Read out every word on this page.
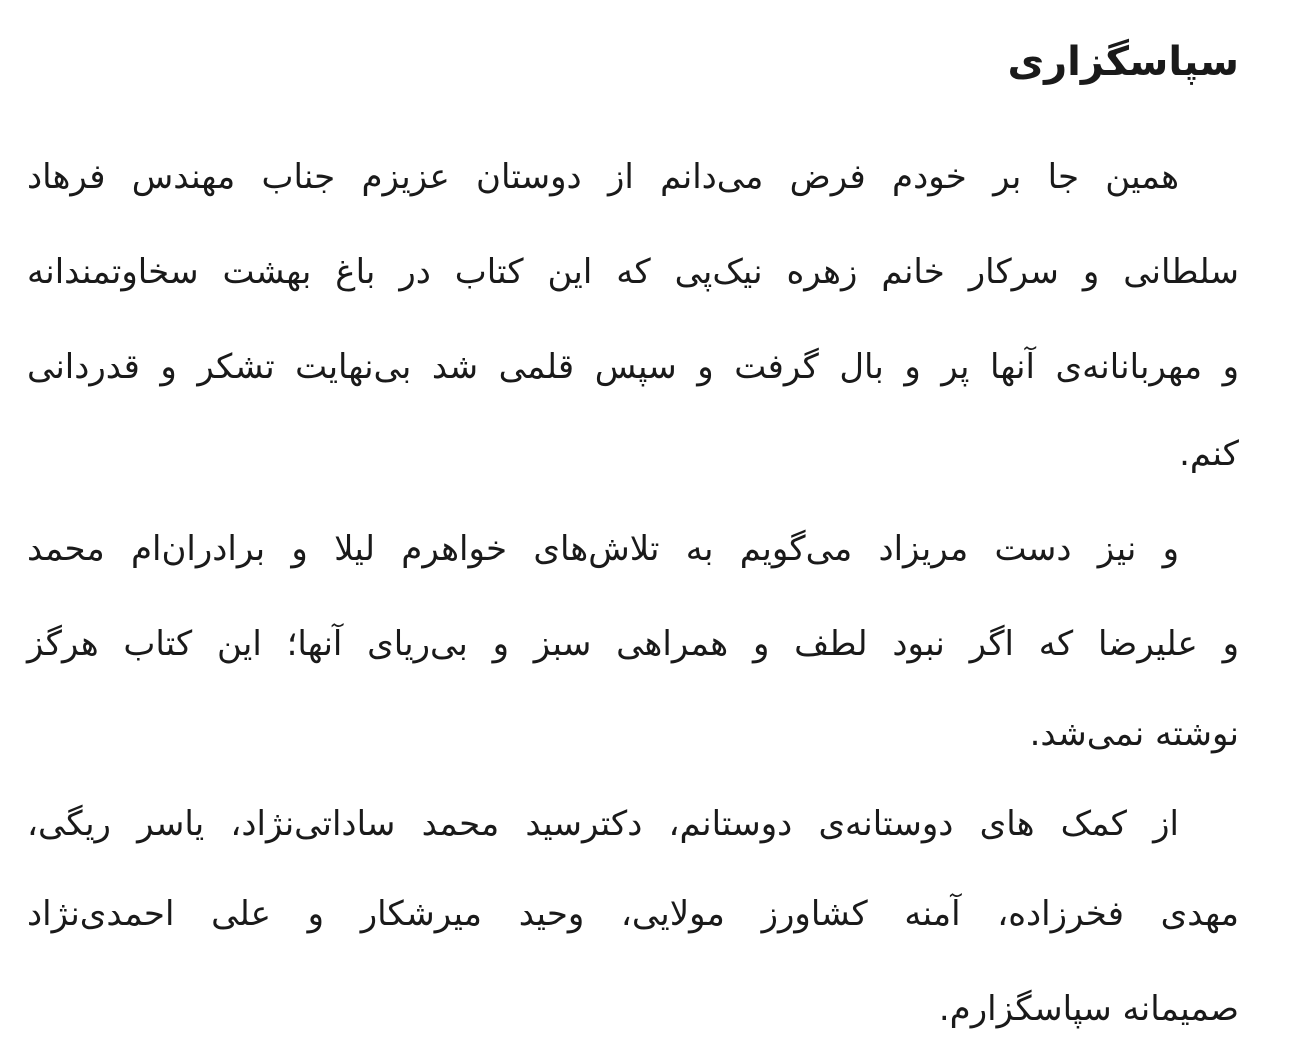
سپاسگزاری
همین جا بر خودم فرض می‌دانم از دوستان عزیزم جناب مهندس فرهاد
سلطانی و سرکار خانم زهره نیک‌پی که این کتاب در باغ بهشت سخاوتمندانه
و مهربانانه‌ی آنها پر و بال گرفت و سپس قلمی شد بی‌نهایت تشکر و قدردانی
کنم.
و نیز دست مریزاد می‌گویم به تلاش‌های خواهرم لیلا و برادران‌ام محمد
و علیرضا که اگر نبود لطف و همراهی سبز و بی‌ریای آنها؛ این کتاب هرگز
نوشته نمی‌شد.
از کمک های دوستانه‌ی دوستانم، دکترسید محمد ساداتی‌نژاد، یاسر ریگی،
مهدی فخرزاده، آمنه کشاورز مولایی، وحید میرشکار و علی احمدی‌نژاد
صمیمانه سپاسگزارم.
